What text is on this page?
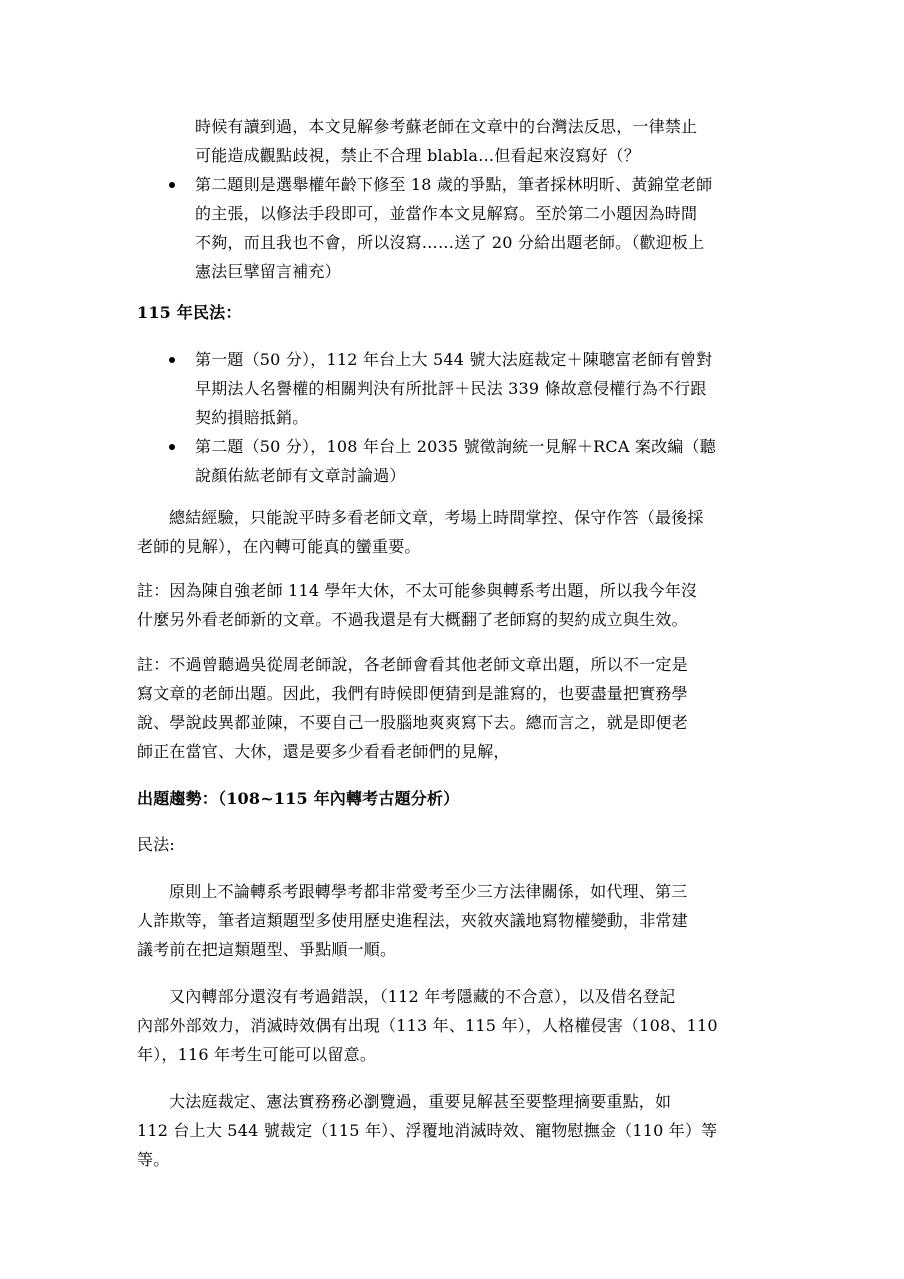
時候有讀到過，本文見解參考蘇老師在文章中的台灣法反思，一律禁止
可能造成觀點歧視，禁止不合理 blabla…但看起來沒寫好（？
第二題則是選舉權年齡下修至 18 歲的爭點，筆者採林明昕、黃錦堂老師
的主張，以修法手段即可，並當作本文見解寫。至於第二小題因為時間
不夠，而且我也不會，所以沒寫……送了 20 分給出題老師。（歡迎板上
憲法巨擘留言補充）
115 年民法：
第一題（50 分），112 年台上大 544 號大法庭裁定＋陳聰富老師有曾對
早期法人名譽權的相關判決有所批評＋民法 339 條故意侵權行為不行跟
契約損賠抵銷。
第二題（50 分），108 年台上 2035 號徵詢統一見解＋RCA 案改編（聽
說顏佑紘老師有文章討論過）
總結經驗，只能說平時多看老師文章，考場上時間掌控、保守作答（最後採
老師的見解），在內轉可能真的蠻重要。
註：因為陳自強老師 114 學年大休，不太可能參與轉系考出題，所以我今年沒
什麼另外看老師新的文章。不過我還是有大概翻了老師寫的契約成立與生效。
註：不過曾聽過吳從周老師說，各老師會看其他老師文章出題，所以不一定是
寫文章的老師出題。因此，我們有時候即便猜到是誰寫的，也要盡量把實務學
說、學說歧異都並陳，不要自己一股腦地爽爽寫下去。總而言之，就是即便老
師正在當官、大休，還是要多少看看老師們的見解，
出題趨勢：（108~115 年內轉考古題分析）
民法:
原則上不論轉系考跟轉學考都非常愛考至少三方法律關係，如代理、第三
人詐欺等，筆者這類題型多使用歷史進程法，夾敘夾議地寫物權變動，非常建
議考前在把這類題型、爭點順一順。
又內轉部分還沒有考過錯誤，（112 年考隱藏的不合意），以及借名登記
內部外部效力，消滅時效偶有出現（113 年、115 年），人格權侵害（108、110
年），116 年考生可能可以留意。
大法庭裁定、憲法實務務必瀏覽過，重要見解甚至要整理摘要重點，如
112 台上大 544 號裁定（115 年）、浮覆地消滅時效、寵物慰撫金（110 年）等
等。
